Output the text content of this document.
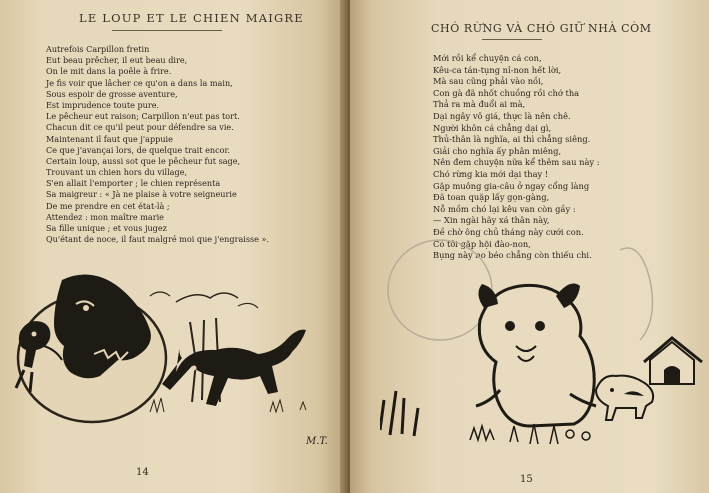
LE LOUP ET LE CHIEN MAIGRE
Autrefois Carpillon fretin
Eut beau prêcher, il eut beau dire,
On le mit dans la poêle à frire.
Je fis voir que lâcher ce qu'on a dans la main,
Sous espoir de grosse aventure,
Est imprudence toute pure.
Le pêcheur eut raison; Carpillon n'eut pas tort.
Chacun dit ce qu'il peut pour défendre sa vie.
Maintenant il faut que j'appuie
Ce que j'avançai lors, de quelque trait encor.
Certain loup, aussi sot que le pêcheur fut sage,
Trouvant un chien hors du village,
S'en allait l'emporter ; le chien représenta
Sa maigreur : « Jà ne plaise à votre seigneurie
De me prendre en cet état-là ;
Attendez : mon maître marie
Sa fille unique ; et vous jugez
Qu'étant de noce, il faut malgré moi que j'engraisse ».
M.T.
14
CHÓ RỪNG VÀ CHÓ GIỮ NHÀ CÒM
Mới rồi kể chuyện cá con,
Kêu-ca tán-tụng nỉ-non hết lời,
Mà sau cũng phải vào nồi,
Con gà đã nhốt chuồng rồi chớ tha
Thả ra mà đuổi ai mà,
Dại ngây vô giá, thực là nên chê.
Người khôn cá chẳng dại gì,
Thủ-thân là nghĩa, ai thì chẳng siêng.
Giải cho nghĩa ấy phân miêng,
Nên đem chuyện nữa kể thêm sau này :
Chó rừng kia mới dại thay !
Gặp muông gia-câu ở ngay cổng làng
Đã toan quặp lấy gọn-gàng,
Nỗ mồm chó lại kêu van còn gầy :
— Xin ngài hãy xá thân này,
Đề chờ ông chủ tháng này cưới con.
Có tôi gặp hội đào-non,
Bụng này no béo chẳng còn thiếu chi.
15
